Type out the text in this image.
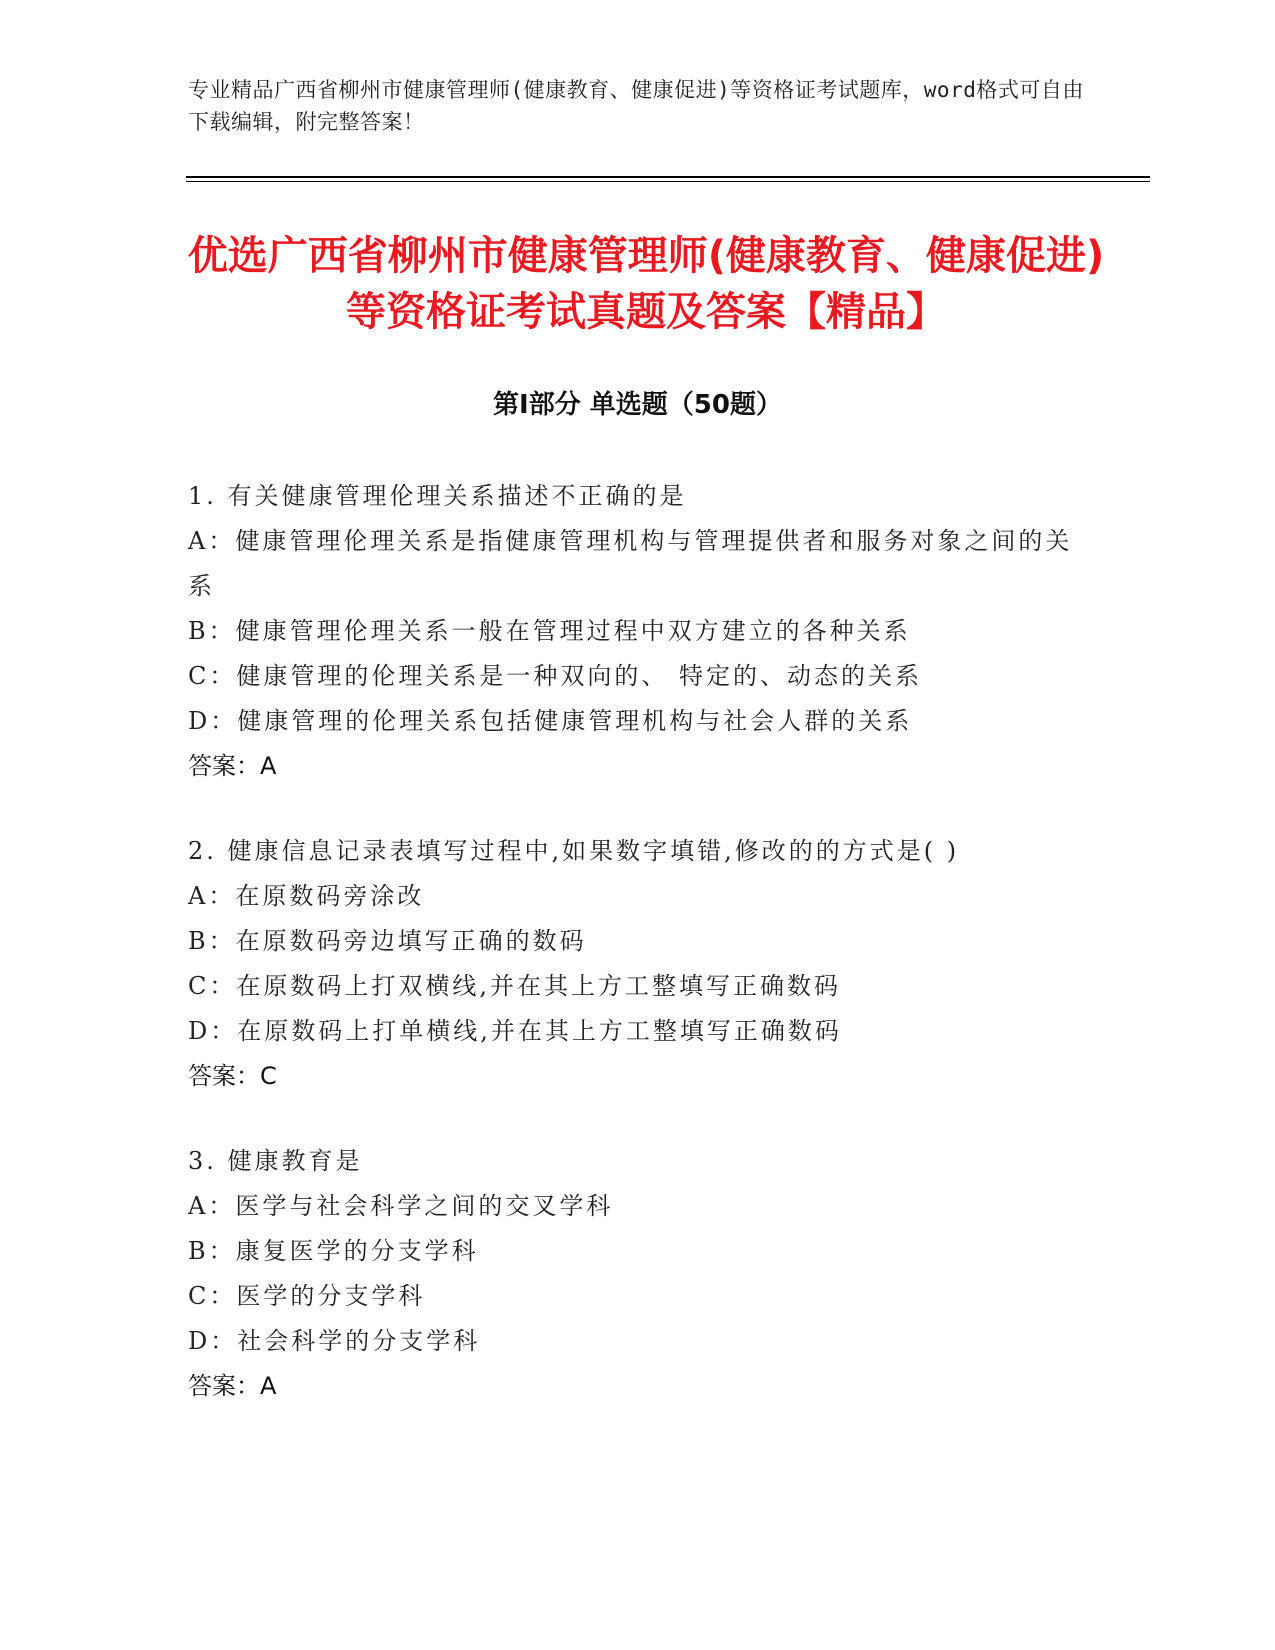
专业精品广西省柳州市健康管理师(健康教育、健康促进)等资格证考试题库，word格式可自由下载编辑，附完整答案！
优选广西省柳州市健康管理师(健康教育、健康促进)等资格证考试真题及答案【精品】
第Ⅰ部分 单选题（50题）
1. 有关健康管理伦理关系描述不正确的是
A：健康管理伦理关系是指健康管理机构与管理提供者和服务对象之间的关系
B：健康管理伦理关系一般在管理过程中双方建立的各种关系
C：健康管理的伦理关系是一种双向的、 特定的、动态的关系
D：健康管理的伦理关系包括健康管理机构与社会人群的关系
答案：A
2. 健康信息记录表填写过程中,如果数字填错,修改的的方式是( )
A：在原数码旁涂改
B：在原数码旁边填写正确的数码
C：在原数码上打双横线,并在其上方工整填写正确数码
D：在原数码上打单横线,并在其上方工整填写正确数码
答案：C
3. 健康教育是
A：医学与社会科学之间的交叉学科
B：康复医学的分支学科
C：医学的分支学科
D：社会科学的分支学科
答案：A
